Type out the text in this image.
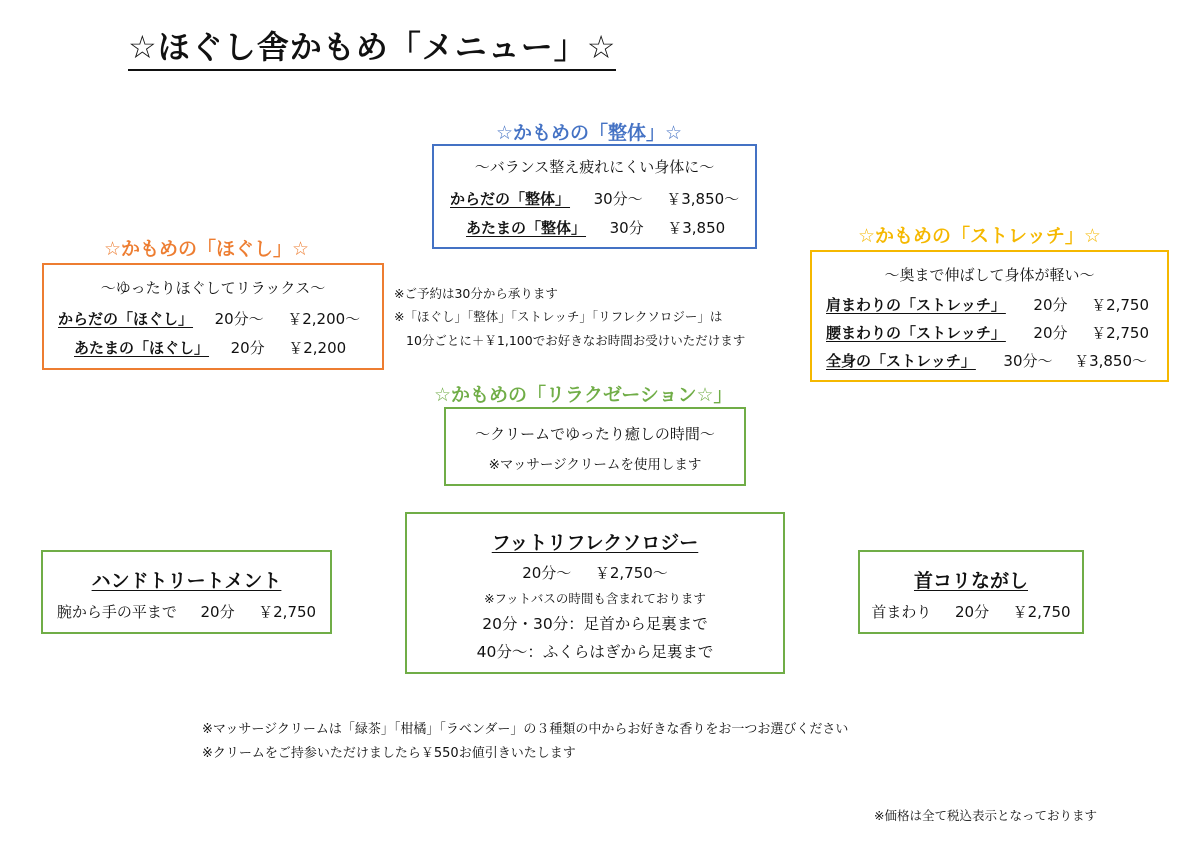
☆ほぐし舎かもめ「メニュー」☆
☆かもめの「整体」☆
～バランス整え疲れにくい身体に～
からだの「整体」 30分～ ￥3,850～
あたまの「整体」 30分 ￥3,850
☆かもめの「ほぐし」☆
～ゆったりほぐしてリラックス～
からだの「ほぐし」 20分～ ￥2,200～
あたまの「ほぐし」 20分 ￥2,200
☆かもめの「ストレッチ」☆
～奥まで伸ばして身体が軽い～
肩まわりの「ストレッチ」 20分 ￥2,750
腰まわりの「ストレッチ」 20分 ￥2,750
全身の「ストレッチ」 30分～ ￥3,850～
※ご予約は30分から承ります
※「ほぐし」「整体」「ストレッチ」「リフレクソロジー」は
10分ごとに＋￥1,100でお好きなお時間お受けいただけます
☆かもめの「リラクゼーション☆」
～クリームでゆったり癒しの時間～
※マッサージクリームを使用します
フットリフレクソロジー
20分～ ￥2,750～
※フットバスの時間も含まれております
20分・30分：足首から足裏まで
40分～：ふくらはぎから足裏まで
ハンドトリートメント
腕から手の平まで 20分 ￥2,750
首コリながし
首まわり 20分 ￥2,750
※マッサージクリームは「緑茶」「柑橘」「ラベンダー」の３種類の中からお好きな香りをお一つお選びください
※クリームをご持参いただけましたら￥550お値引きいたします
※価格は全て税込表示となっております
